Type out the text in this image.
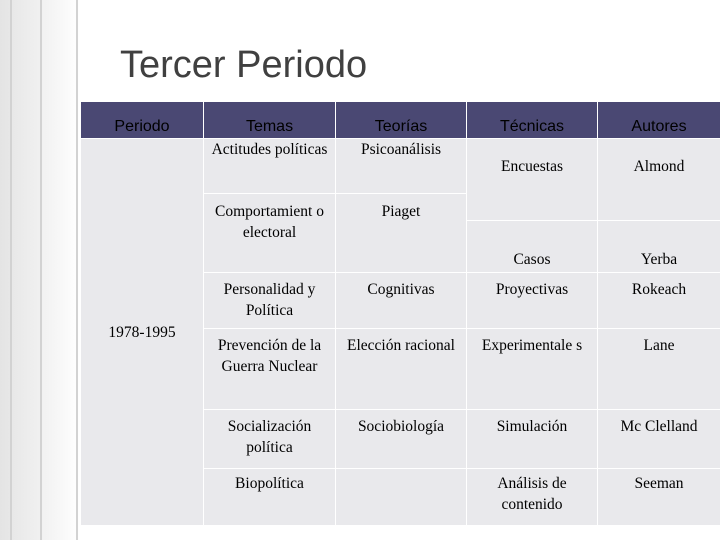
Tercer Periodo
Periodo	Temas	Teorías	Técnicas	Autores
1978-1995	Actitudes políticas	Psicoanálisis	Encuestas	Almond
	Comportamient o electoral	Piaget		
			Casos	Yerba

	Personalidad y Política	Cognitivas	Proyectivas	Rokeach
	Prevención de la Guerra Nuclear	Elección racional	Experimentale s	Lane
	Socialización política	Sociobiología	Simulación	Mc Clelland
	Biopolítica		Análisis de contenido	Seeman
